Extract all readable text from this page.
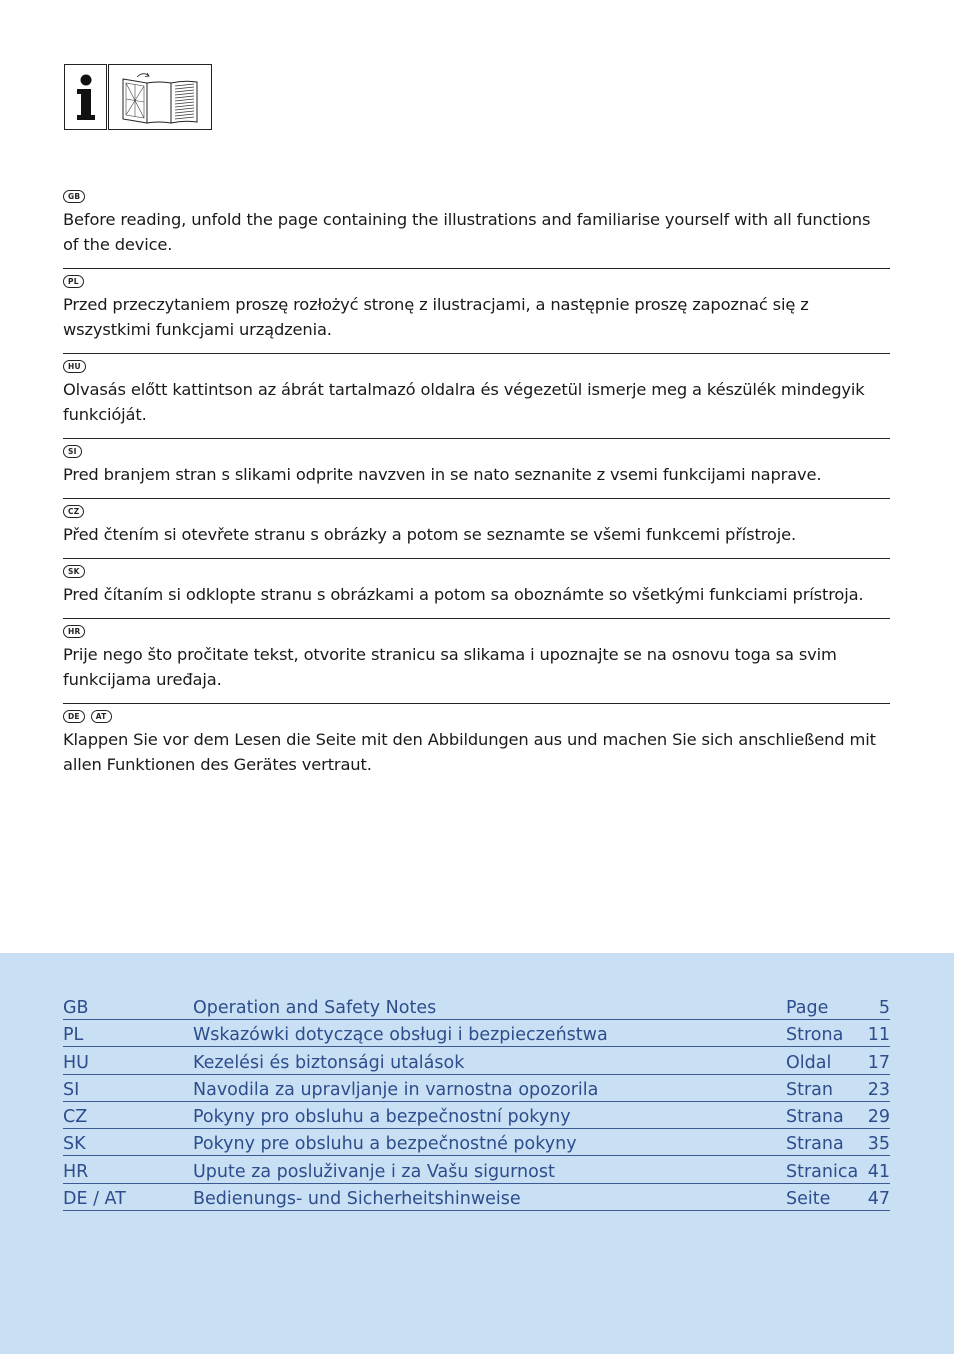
GB

Before reading, unfold the page containing the illustrations and familiarise yourself with all functions of the device.

PL

Przed przeczytaniem proszę rozłożyć stronę z ilustracjami, a następnie proszę zapoznać się z wszystkimi funkcjami urządzenia.

HU

Olvasás előtt kattintson az ábrát tartalmazó oldalra és végezetül ismerje meg a készülék mindegyik funkcióját.

SI

Pred branjem stran s slikami odprite navzven in se nato seznanite z vsemi funkcijami naprave.

CZ

Před čtením si otevřete stranu s obrázky a potom se seznamte se všemi funkcemi přístroje.

SK

Pred čítaním si odklopte stranu s obrázkami a potom sa oboznámte so všetkými funkciami prístroja.

HR

Prije nego što pročitate tekst, otvorite stranicu sa slikama i upoznajte se na osnovu toga sa svim funkcijama uređaja.

DE	AT

Klappen Sie vor dem Lesen die Seite mit den Abbildungen aus und machen Sie sich anschließend mit allen Funktionen des Gerätes vertraut.

GB	Operation and Safety Notes	Page	5
PL	Wskazówki dotyczące obsługi i bezpieczeństwa	Strona 11
HU	Kezelési és biztonsági utalások	Oldal 17
SI	Navodila za upravljanje in varnostna opozorila	Stran 23
CZ	Pokyny pro obsluhu a bezpečnostní pokyny	Strana 29
SK	Pokyny pre obsluhu a bezpečnostné pokyny	Strana 35
HR	Upute za posluživanje i za Vašu sigurnost	Stranica 41
DE / AT	Bedienungs- und Sicherheitshinweise	Seite 47
